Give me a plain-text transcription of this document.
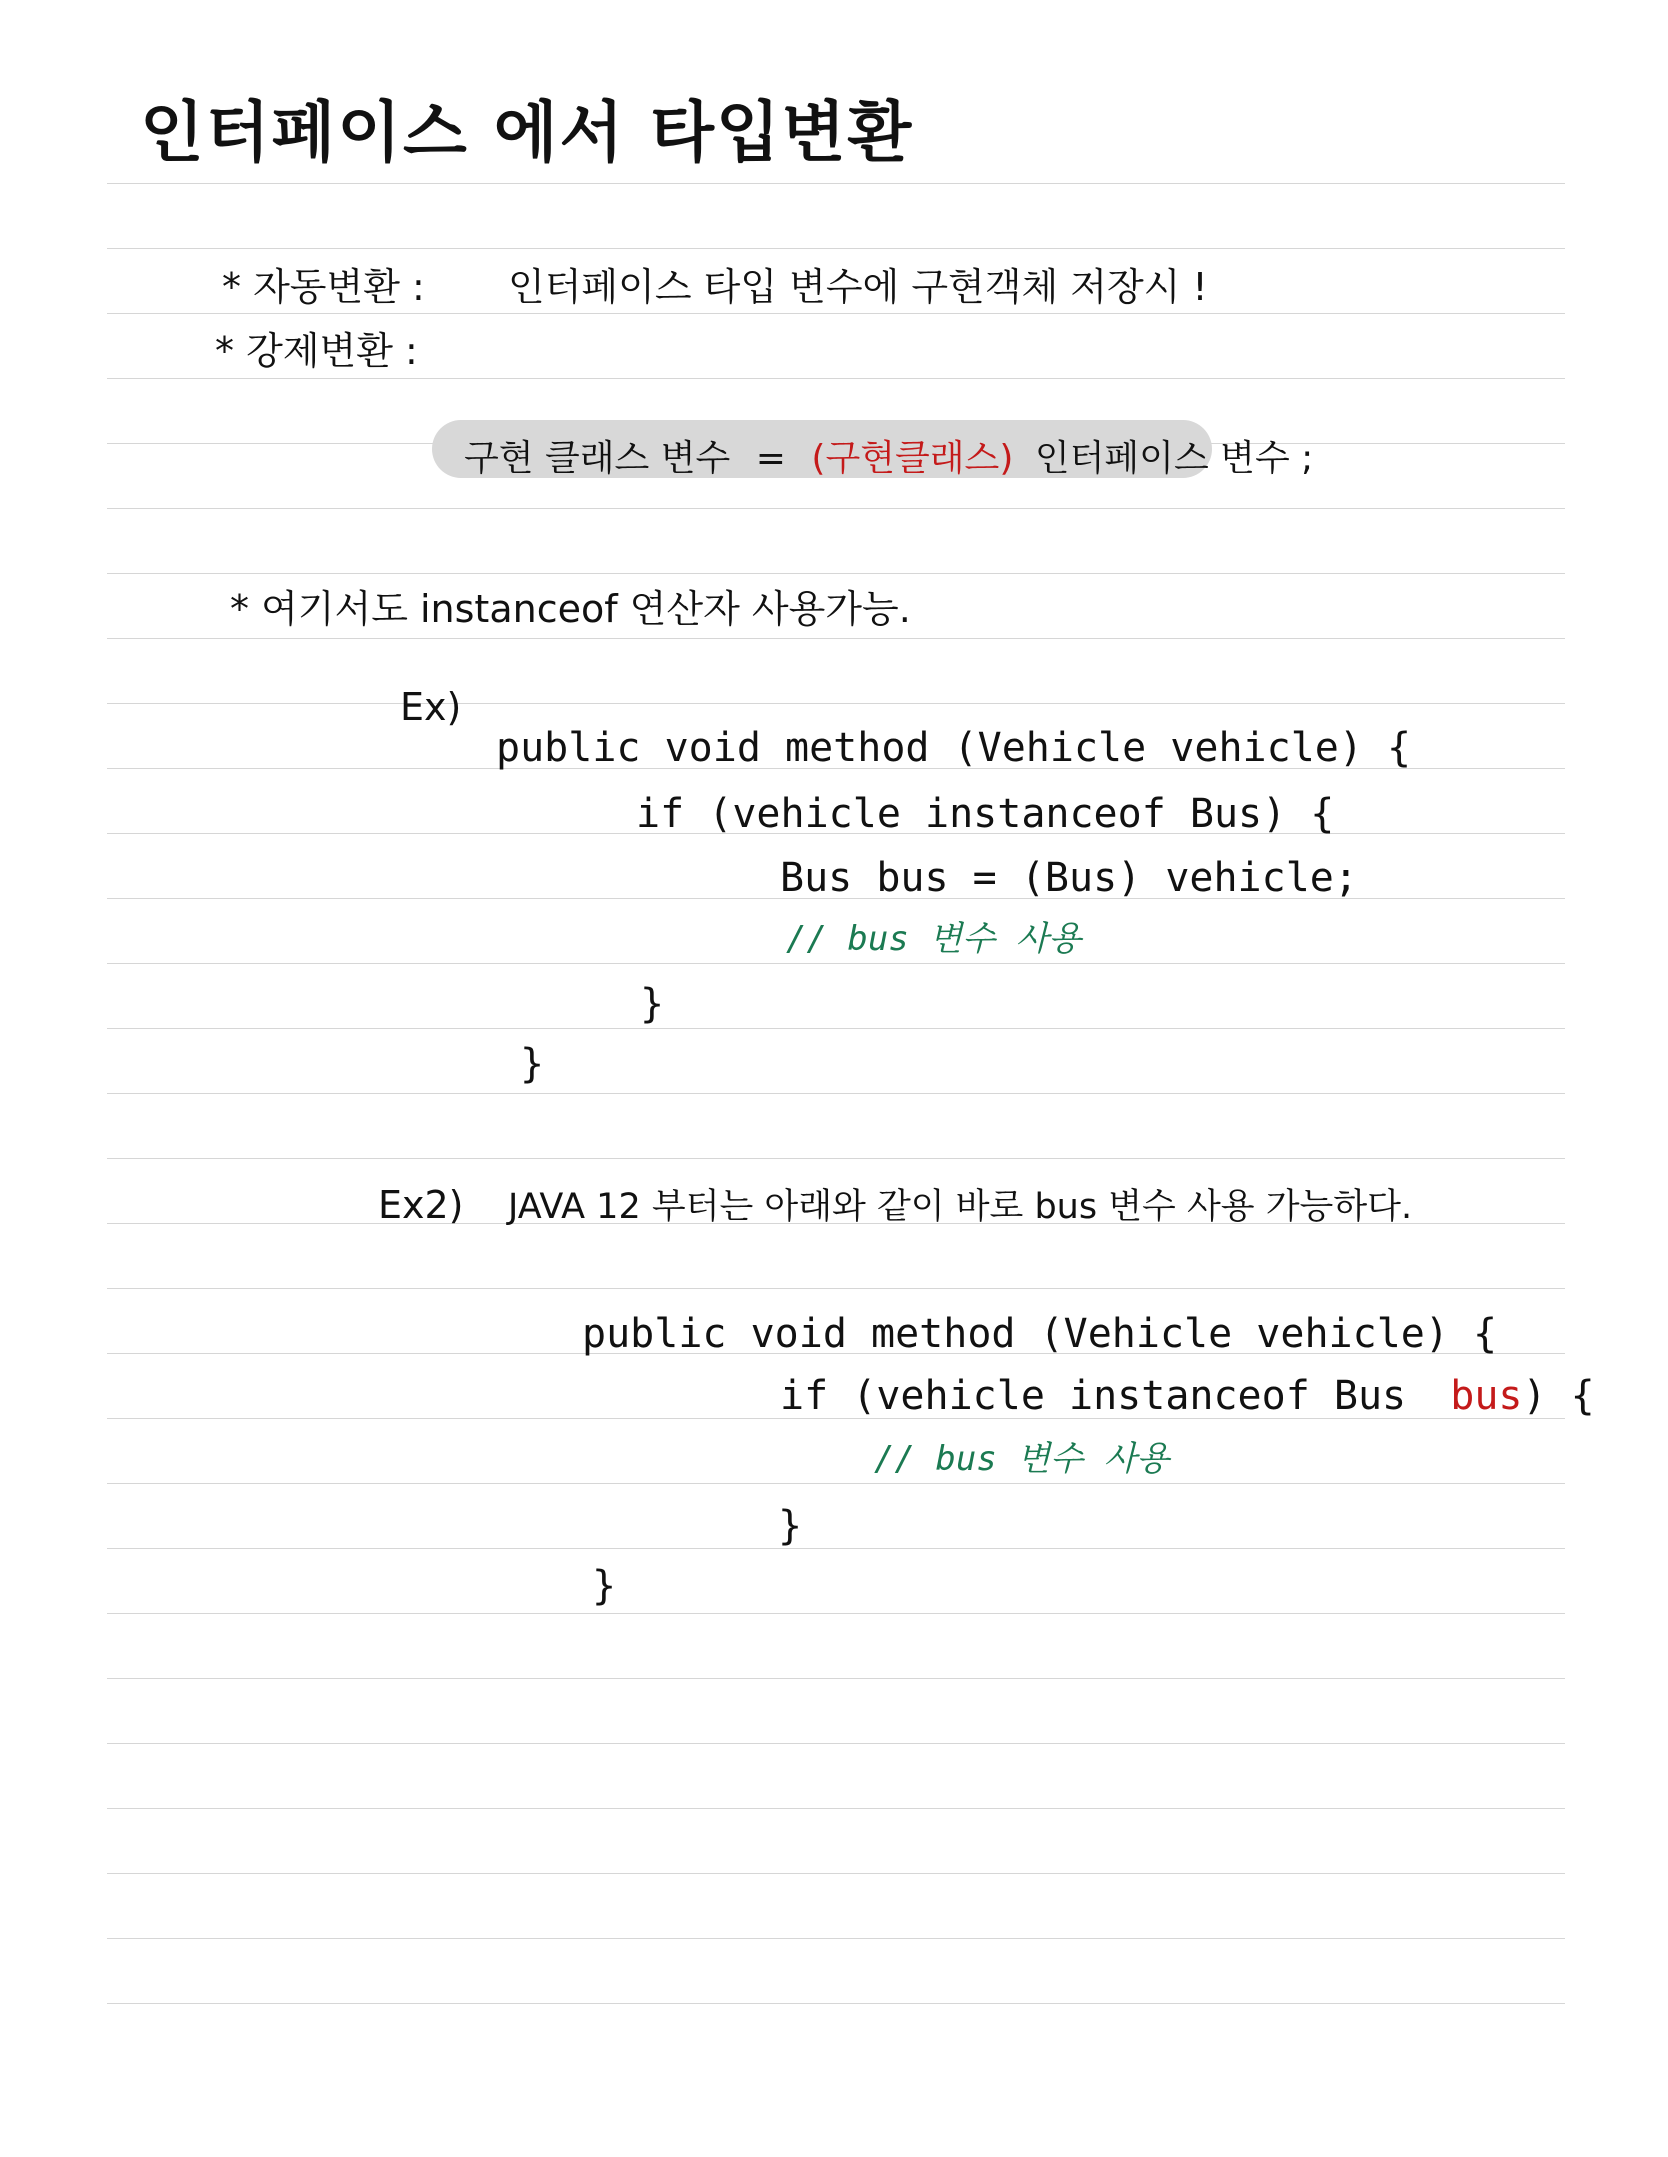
인터페이스 에서 타입변환
* 자동변환 : 인터페이스 타입 변수에 구현객체 저장시 !
* 강제변환 :
구현 클래스 변수 = (구현클래스) 인터페이스 변수 ;
* 여기서도 instanceof 연산자 사용가능.
Ex)
public void method (Vehicle vehicle) {
if (vehicle instanceof Bus) {
Bus bus = (Bus) vehicle;
// bus 변수 사용
}
}
Ex2) JAVA 12 부터는 아래와 같이 바로 bus 변수 사용 가능하다.
public void method (Vehicle vehicle) {
if (vehicle instanceof Bus bus) {
// bus 변수 사용
}
}
